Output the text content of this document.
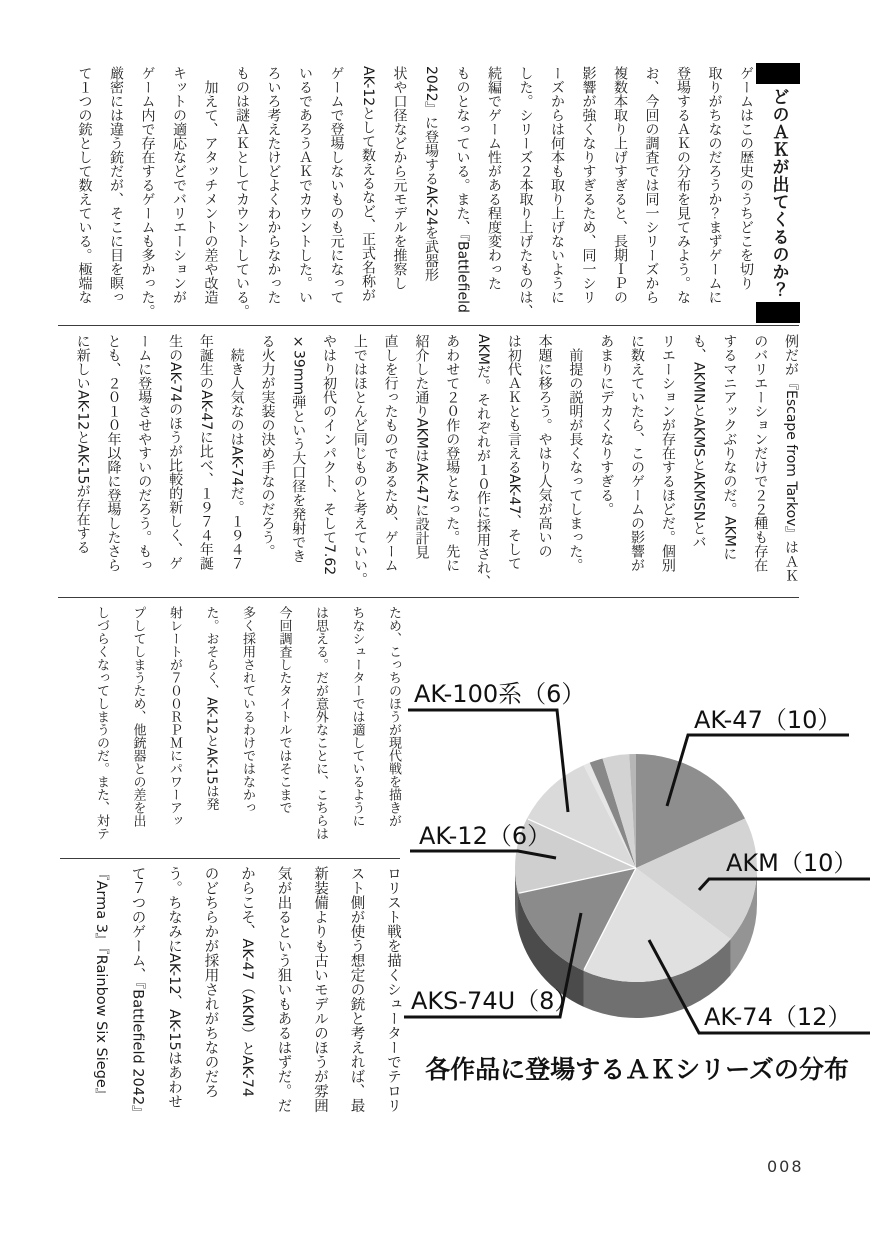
どのＡＫが出てくるのか？
ゲームはこの歴史のうちどこを切り
取りがちなのだろうか？まずゲームに
登場するＡＫの分布を見てみよう。な
お、今回の調査では同一シリーズから
複数本取り上げすぎると、長期ＩＰの
影響が強くなりすぎるため、同一シリ
ーズからは何本も取り上げないように
した。シリーズ２本取り上げたものは、
続編でゲーム性がある程度変わった
ものとなっている。また、『Battlefield
2042』に登場するAK-24を武器形
状や口径などから元モデルを推察し
AK-12として数えるなど、正式名称が
ゲームで登場しないものも元になって
いるであろうＡＫでカウントした。い
ろいろ考えたけどよくわからなかった
ものは謎ＡＫとしてカウントしている。
　加えて、アタッチメントの差や改造
キットの適応などでバリエーションが
ゲーム内で存在するゲームも多かった。
厳密には違う銃だが、そこに目を瞑っ
て１つの銃として数えている。極端な
例だが『Escape from Tarkov』はＡＫ
のバリエーションだけで２２種も存在
するマニアックぶりなのだ。AKMに
も、AKMNとAKMSとAKMSNとバ
リエーションが存在するほどだ。個別
に数えていたら、このゲームの影響が
あまりにデカくなりすぎる。
　前提の説明が長くなってしまった。
本題に移ろう。やはり人気が高いの
は初代ＡＫとも言えるAK-47、そして
AKMだ。それぞれが１０作に採用され、
あわせて２０作の登場となった。先に
紹介した通りAKMはAK-47に設計見
直しを行ったものであるため、ゲーム
上ではほとんど同じものと考えていい。
やはり初代のインパクト、そして7.62
×39mm弾という大口径を発射でき
る火力が実装の決め手なのだろう。
　続き人気なのはAK-74だ。１９４７
年誕生のAK-47に比べ、１９７４年誕
生のAK-74のほうが比較的新しく、ゲ
ームに登場させやすいのだろう。もっ
とも、２０１０年以降に登場したさら
に新しいAK-12とAK-15が存在する
ため、こっちのほうが現代戦を描きが
ちなシューターでは適しているように
は思える。だが意外なことに、こちらは
今回調査したタイトルではそこまで
多く採用されているわけではなかっ
た。おそらく、AK-12とAK-15は発
射レートが７００ＲＰＭにパワーアッ
プしてしまうため、他銃器との差を出
しづらくなってしまうのだ。また、対テ
ロリスト戦を描くシューターでテロリ
スト側が使う想定の銃と考えれば、最
新装備よりも古いモデルのほうが雰囲
気が出るという狙いもあるはずだ。だ
からこそ、AK-47（AKM）とAK-74
のどちらかが採用されがちなのだろ
う。ちなみにAK-12、AK-15はあわせ
て７つのゲーム、『Battlefield 2042』
『Arma 3』『Rainbow Six Siege』
AK-47（10）
AKM（10）
AK-74（12）
AKS-74U（8）
AK-12（6）
AK-100系（6）
各作品に登場するＡＫシリーズの分布
008
